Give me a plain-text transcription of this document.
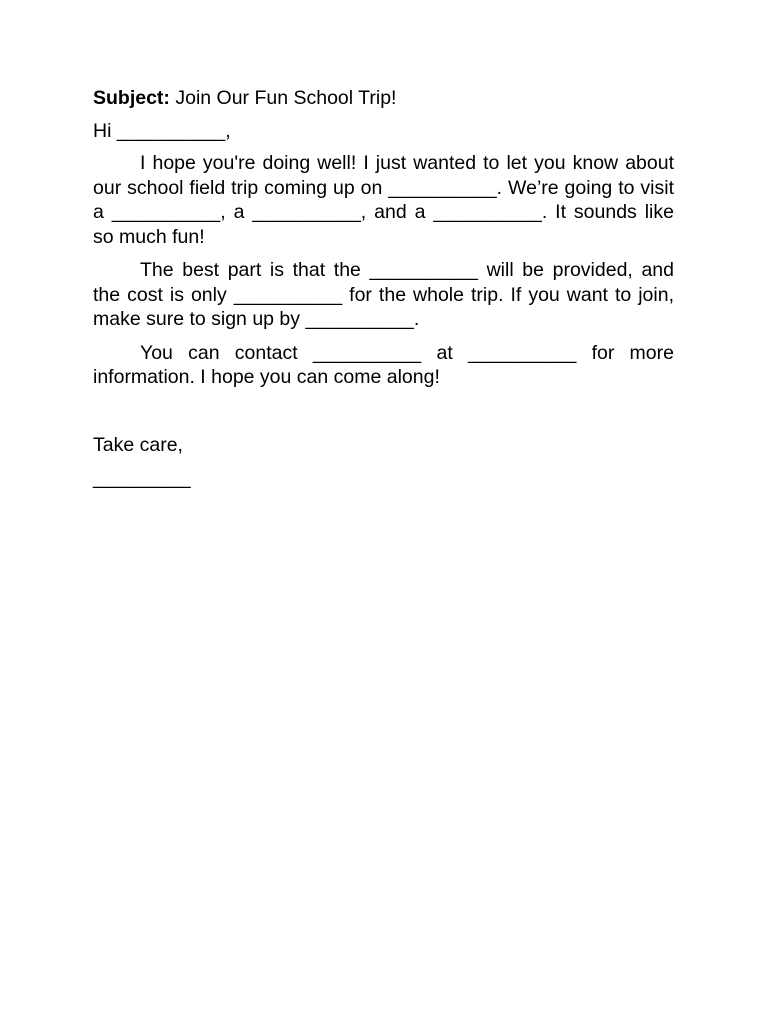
Subject: Join Our Fun School Trip!

Hi __________,

I hope you're doing well! I just wanted to let you know about our school field trip coming up on __________. We’re going to visit a __________, a __________, and a __________. It sounds like so much fun!

The best part is that the __________ will be provided, and the cost is only __________ for the whole trip. If you want to join, make sure to sign up by __________.

You can contact __________ at __________ for more information. I hope you can come along!

Take care,

_________
